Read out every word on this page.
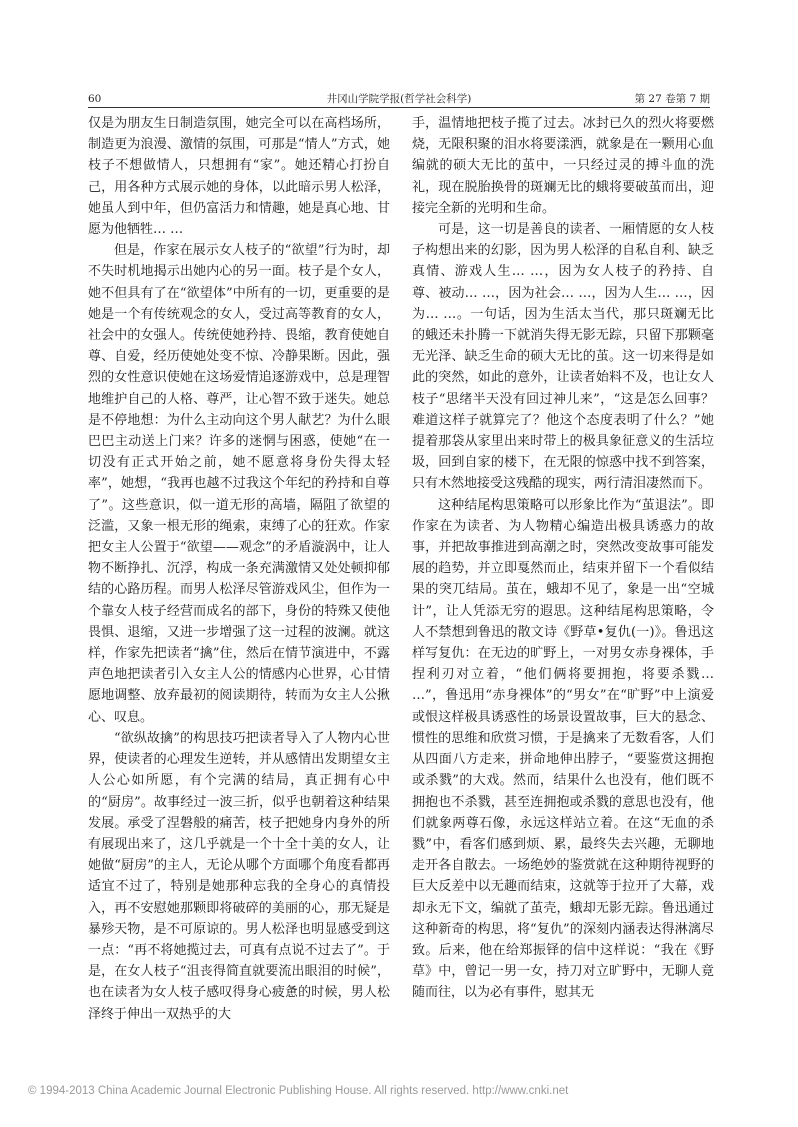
60	井冈山学院学报(哲学社会科学)	第 27 卷第 7 期

仅是为朋友生日制造氛围，她完全可以在高档场所，制造更为浪漫、激情的氛围，可那是“情人”方式，她枝子不想做情人，只想拥有“家”。她还精心打扮自己，用各种方式展示她的身体，以此暗示男人松泽，她虽人到中年，但仍富活力和情趣，她是真心地、甘愿为他牺牲… …

但是，作家在展示女人枝子的“欲望”行为时，却不失时机地揭示出她内心的另一面。枝子是个女人，她不但具有了在“欲望体”中所有的一切，更重要的是她是一个有传统观念的女人，受过高等教育的女人，社会中的女强人。传统使她矜持、畏缩，教育使她自尊、自爱，经历使她处变不惊、冷静果断。因此，强烈的女性意识使她在这场爱情追逐游戏中，总是理智地维护自己的人格、尊严，让心智不致于迷失。她总是不停地想：为什么主动向这个男人献艺？为什么眼巴巴主动送上门来？许多的迷惘与困惑，使她“在一切没有正式开始之前，她不愿意将身份失得太轻率”，她想，“我再也越不过我这个年纪的矜持和自尊了”。这些意识，似一道无形的高墙，隔阻了欲望的泛滥，又象一根无形的绳索，束缚了心的狂欢。作家把女主人公置于“欲望——观念”的矛盾漩涡中，让人物不断挣扎、沉浮，构成一条充满激情又处处顿抑郁结的心路历程。而男人松泽尽管游戏风尘，但作为一个靠女人枝子经营而成名的部下，身份的特殊又使他畏惧、退缩，又进一步增强了这一过程的波澜。就这样，作家先把读者“擒”住，然后在情节演进中，不露声色地把读者引入女主人公的情感内心世界，心甘情愿地调整、放弃最初的阅读期待，转而为女主人公揪心、叹息。

“欲纵故擒”的构思技巧把读者导入了人物内心世界，使读者的心理发生逆转，并从感情出发期望女主人公心如所愿，有个完满的结局，真正拥有心中的“厨房”。故事经过一波三折，似乎也朝着这种结果发展。承受了涅磐般的痛苦，枝子把她身内身外的所有展现出来了，这几乎就是一个十全十美的女人，让她做“厨房”的主人，无论从哪个方面哪个角度看都再适宜不过了，特别是她那种忘我的全身心的真情投入，再不安慰她那颗即将破碎的美丽的心，那无疑是暴殄天物，是不可原谅的。男人松泽也明显感受到这一点：“再不将她揽过去，可真有点说不过去了”。于是，在女人枝子“沮丧得简直就要流出眼泪的时候”，也在读者为女人枝子感叹得身心疲惫的时候，男人松泽终于伸出一双热乎的大

手，温情地把枝子揽了过去。冰封已久的烈火将要燃烧，无限积聚的泪水将要漾洒，就象是在一颗用心血编就的硕大无比的茧中，一只经过灵的搏斗血的洗礼，现在脱胎换骨的斑斓无比的蛾将要破茧而出，迎接完全新的光明和生命。

可是，这一切是善良的读者、一厢情愿的女人枝子构想出来的幻影，因为男人松泽的自私自利、缺乏真情、游戏人生… …，因为女人枝子的矜持、自尊、被动… …，因为社会… …，因为人生… …，因为… …。一句话，因为生活太当代，那只斑斓无比的蛾还未扑腾一下就消失得无影无踪，只留下那颗毫无光泽、缺乏生命的硕大无比的茧。这一切来得是如此的突然，如此的意外，让读者始料不及，也让女人枝子“思绪半天没有回过神儿来”，“这是怎么回事？难道这样子就算完了？他这个态度表明了什么？”她提着那袋从家里出来时带上的极具象征意义的生活垃圾，回到自家的楼下，在无限的惊惑中找不到答案，只有木然地接受这残酷的现实，两行清泪凄然而下。

这种结尾构思策略可以形象比作为“茧退法”。即作家在为读者、为人物精心编造出极具诱惑力的故事，并把故事推进到高潮之时，突然改变故事可能发展的趋势，并立即戛然而止，结束并留下一个看似结果的突兀结局。茧在，蛾却不见了，象是一出“空城计”，让人凭添无穷的遐思。这种结尾构思策略，令人不禁想到鲁迅的散文诗《野草•复仇(一)》。鲁迅这样写复仇：在无边的旷野上，一对男女赤身裸体，手捏利刃对立着，“他们俩将要拥抱，将要杀戮… …”，鲁迅用“赤身裸体”的“男女”在“旷野”中上演爱或恨这样极具诱惑性的场景设置故事，巨大的悬念、惯性的思维和欣赏习惯，于是擒来了无数看客，人们从四面八方走来，拼命地伸出脖子，“要鉴赏这拥抱或杀戮”的大戏。然而，结果什么也没有，他们既不拥抱也不杀戮，甚至连拥抱或杀戮的意思也没有，他们就象两尊石像，永远这样站立着。在这“无血的杀戮”中，看客们感到烦、累，最终失去兴趣，无聊地走开各自散去。一场绝妙的鉴赏就在这种期待视野的巨大反差中以无趣而结束，这就等于拉开了大幕，戏却永无下文，编就了茧壳，蛾却无影无踪。鲁迅通过这种新奇的构思，将“复仇”的深刻内涵表达得淋漓尽致。后来，他在给郑振铎的信中这样说：“我在《野草》中，曾记一男一女，持刀对立旷野中，无聊人竟随而往，以为必有事件，慰其无

© 1994-2013 China Academic Journal Electronic Publishing House. All rights reserved. http://www.cnki.net
